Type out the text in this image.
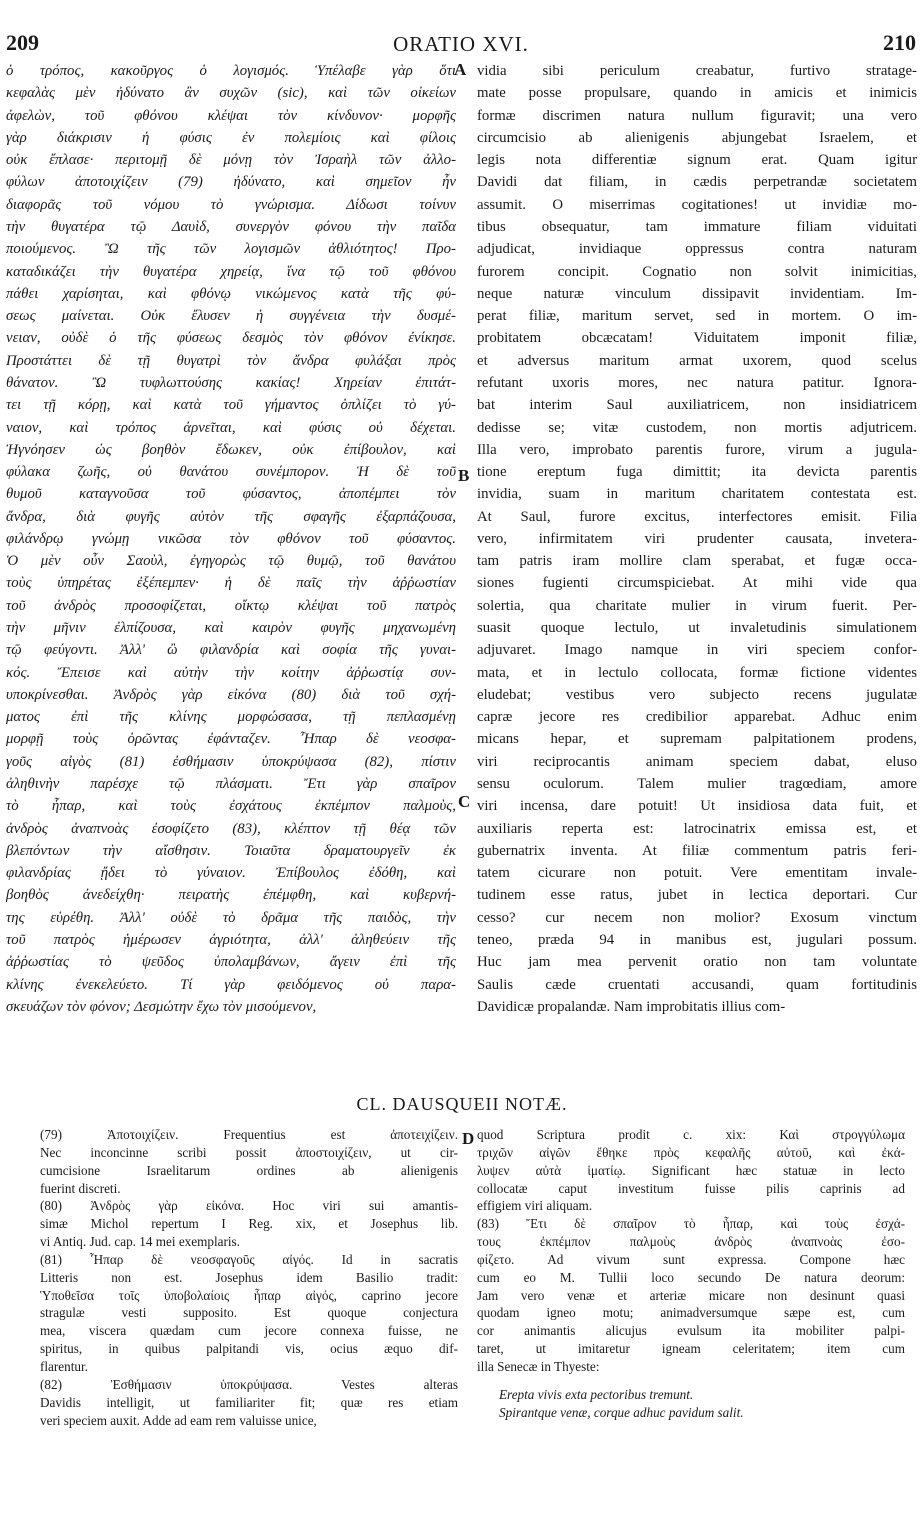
209	ORATIO XVI.	210
ὁ τρόπος, κακοῦργος ὁ λογισμός. Ὑπέλαβε γὰρ ὅτι
κεφαλὰς μὲν ἠδύνατο ἂν συχῶν (sic), καὶ τῶν οἰκείων
ἀφελὼν, τοῦ φθόνου κλέψαι τὸν κίνδυνον· μορφῆς
γὰρ διάκρισιν ἡ φύσις ἐν πολεμίοις καὶ φίλοις
οὐκ ἔπλασε· περιτομῇ δὲ μόνῃ τὸν Ἰσραὴλ τῶν ἀλλο-
φύλων ἀποτοιχίζειν (79) ἠδύνατο, καὶ σημεῖον ἦν
διαφορᾶς τοῦ νόμου τὸ γνώρισμα. Δίδωσι τοίνυν
τὴν θυγατέρα τῷ Δαυὶδ, συνεργὸν φόνου τὴν παῖδα
ποιούμενος. Ὢ τῆς τῶν λογισμῶν ἀθλιότητος! Προ-
καταδικάζει τὴν θυγατέρα χηρείᾳ, ἵνα τῷ τοῦ φθόνου
πάθει χαρίσηται, καὶ φθόνῳ νικώμενος κατὰ τῆς φύ-
σεως μαίνεται. Οὐκ ἔλυσεν ἡ συγγένεια τὴν δυσμέ-
νειαν, οὐδὲ ὁ τῆς φύσεως δεσμὸς τὸν φθόνον ἐνίκησε.
Προστάττει δὲ τῇ θυγατρὶ τὸν ἄνδρα φυλάξαι πρὸς
θάνατον. Ὢ τυφλωττούσης κακίας! Χηρείαν ἐπιτάτ-
τει τῇ κόρῃ, καὶ κατὰ τοῦ γήμαντος ὁπλίζει τὸ γύ-
ναιον, καὶ τρόπος ἀρνεῖται, καὶ φύσις οὐ δέχεται.
Ἠγνόησεν ὡς βοηθὸν ἔδωκεν, οὐκ ἐπίβουλον, καὶ
φύλακα ζωῆς, οὐ θανάτου συνέμπορον. Ἡ δὲ τοῦ
θυμοῦ καταγνοῦσα τοῦ φύσαντος, ἀποπέμπει τὸν
ἄνδρα, διὰ φυγῆς αὐτὸν τῆς σφαγῆς ἐξαρπάζουσα,
φιλάνδρῳ γνώμῃ νικῶσα τὸν φθόνον τοῦ φύσαντος.
Ὁ μὲν οὖν Σαοὺλ, ἐγηγορὼς τῷ θυμῷ, τοῦ θανάτου
τοὺς ὑπηρέτας ἐξέπεμπεν· ἡ δὲ παῖς τὴν ἀῤῥωστίαν
τοῦ ἀνδρὸς προσοφίζεται, οἴκτῳ κλέψαι τοῦ πατρὸς
τὴν μῆνιν ἐλπίζουσα, καὶ καιρὸν φυγῆς μηχανωμένη
τῷ φεύγοντι. Ἀλλ' ὢ φιλανδρία καὶ σοφία τῆς γυναι-
κός. Ἔπεισε καὶ αὐτὴν τὴν κοίτην ἀῤῥωστίᾳ συν-
υποκρίνεσθαι. Ἀνδρὸς γὰρ εἰκόνα (80) διὰ τοῦ σχή-
ματος ἐπὶ τῆς κλίνης μορφώσασα, τῇ πεπλασμένῃ
μορφῇ τοὺς ὁρῶντας ἐφάνταζεν. Ἦπαρ δὲ νεοσφα-
γοῦς αἰγὸς (81) ἐσθήμασιν ὑποκρύψασα (82), πίστιν
ἀληθινὴν παρέσχε τῷ πλάσματι. Ἔτι γὰρ σπαῖρον
τὸ ἧπαρ, καὶ τοὺς ἐσχάτους ἐκπέμπον παλμοὺς,
ἀνδρὸς ἀναπνοὰς ἐσοφίζετο (83), κλέπτον τῇ θέᾳ τῶν
βλεπόντων τὴν αἴσθησιν. Τοιαῦτα δραματουργεῖν ἐκ
φιλανδρίας ᾔδει τὸ γύναιον. Ἐπίβουλος ἐδόθη, καὶ
βοηθὸς ἀνεδείχθη· πειρατὴς ἐπέμφθη, καὶ κυβερνή-
της εὑρέθη. Ἀλλ' οὐδὲ τὸ δρᾶμα τῆς παιδὸς, τὴν
τοῦ πατρὸς ἡμέρωσεν ἀγριότητα, ἀλλ' ἀληθεύειν τῆς
ἀῤῥωστίας τὸ ψεῦδος ὑπολαμβάνων, ἄγειν ἐπὶ τῆς
κλίνης ἐνεκελεύετο. Τί γὰρ φειδόμενος οὐ παρα-
σκευάζων τὸν φόνον; Δεσμώτην ἔχω τὸν μισούμενον,
vidia sibi periculum creabatur, furtivo stratage-
mate posse propulsare, quando in amicis et inimicis
formæ discrimen natura nullum figuravit; una vero
circumcisio ab alienigenis abjungebat Israelem, et
legis nota differentiæ signum erat. Quam igitur
Davidi dat filiam, in cædis perpetrandæ societatem
assumit. O miserrimas cogitationes! ut invidiæ mo-
tibus obsequatur, tam immature filiam viduitati
adjudicat, invidiaque oppressus contra naturam
furorem concipit. Cognatio non solvit inimicitias,
neque naturæ vinculum dissipavit invidentiam. Im-
perat filiæ, maritum servet, sed in mortem. O im-
probitatem obcæcatam! Viduitatem imponit filiæ,
et adversus maritum armat uxorem, quod scelus
refutant uxoris mores, nec natura patitur. Ignora-
bat interim Saul auxiliatricem, non insidiatricem
dedisse se; vitæ custodem, non mortis adjutricem.
Illa vero, improbato parentis furore, virum a jugula-
tione ereptum fuga dimittit; ita devicta parentis
invidia, suam in maritum charitatem contestata est.
At Saul, furore excitus, interfectores emisit. Filia
vero, infirmitatem viri prudenter causata, invetera-
tam patris iram mollire clam sperabat, et fugæ occa-
siones fugienti circumspiciebat. At mihi vide qua
solertia, qua charitate mulier in virum fuerit. Per-
suasit quoque lectulo, ut invaletudinis simulationem
adjuvaret. Imago namque in viri speciem confor-
mata, et in lectulo collocata, formæ fictione videntes
eludebat; vestibus vero subjecto recens jugulatæ
capræ jecore res credibilior apparebat. Adhuc enim
micans hepar, et supremam palpitationem prodens,
viri reciprocantis animam speciem dabat, eluso
sensu oculorum. Talem mulier tragœdiam, amore
viri incensa, dare potuit! Ut insidiosa data fuit, et
auxiliaris reperta est: latrocinatrix emissa est, et
gubernatrix inventa. At filiæ commentum patris feri-
tatem cicurare non potuit. Vere ementitam invale-
tudinem esse ratus, jubet in lectica deportari. Cur
cesso? cur necem non molior? Exosum vinctum
teneo, præda 94 in manibus est, jugulari possum.
Huc jam mea pervenit oratio non tam voluntate
Saulis cæde cruentati accusandi, quam fortitudinis
Davidicæ propalandæ. Nam improbitatis illius com-
A
B
C
D
CL. DAUSQUEII NOTÆ.
(79) Ἀποτοιχίζειν. Frequentius est ἀποτειχίζειν.
Nec inconcinne scribi possit ἀποστοιχίζειν, ut cir-
cumcisione Israelitarum ordines ab alienigenis
fuerint discreti.
(80) Ἀνδρὸς γὰρ εἰκόνα. Hoc viri sui amantis-
simæ Michol repertum I Reg. xix, et Josephus lib.
vi Antiq. Jud. cap. 14 mei exemplaris.
(81) Ἧπαρ δὲ νεοσφαγοῦς αἰγός. Id in sacratis
Litteris non est. Josephus idem Basilio tradit:
Ὑποθεῖσα τοῖς ὑποβολαίοις ἧπαρ αἰγός, caprino jecore
stragulæ vesti supposito. Est quoque conjectura
mea, viscera quædam cum jecore connexa fuisse, ne
spiritus, in quibus palpitandi vis, ocius æquo dif-
flarentur.
(82) Ἐσθήμασιν ὑποκρύψασα. Vestes alteras
Davidis intelligit, ut familiariter fit; quæ res etiam
veri speciem auxit. Adde ad eam rem valuisse unice,
quod Scriptura prodit c. xix: Καὶ στρογγύλωμα
τριχῶν αἰγῶν ἔθηκε πρὸς κεφαλῆς αὐτοῦ, καὶ ἐκά-
λυψεν αὐτὰ ἱματίῳ. Significant hæc statuæ in lecto
collocatæ caput investitum fuisse pilis caprinis ad
effigiem viri aliquam.
(83) Ἔτι δὲ σπαῖρον τὸ ἧπαρ, καὶ τοὺς ἐσχά-
τους ἐκπέμπον παλμοὺς ἀνδρὸς ἀναπνοὰς ἐσο-
φίζετο. Ad vivum sunt expressa. Compone hæc
cum eo M. Tullii loco secundo De natura deorum:
Jam vero venæ et arteriæ micare non desinunt quasi
quodam igneo motu; animadversumque sæpe est, cum
cor animantis alicujus evulsum ita mobiliter palpi-
taret, ut imitaretur igneam celeritatem; item cum
illa Senecæ in Thyeste:
Erepta vivis exta pectoribus tremunt.
Spirantque venæ, corque adhuc pavidum salit.
